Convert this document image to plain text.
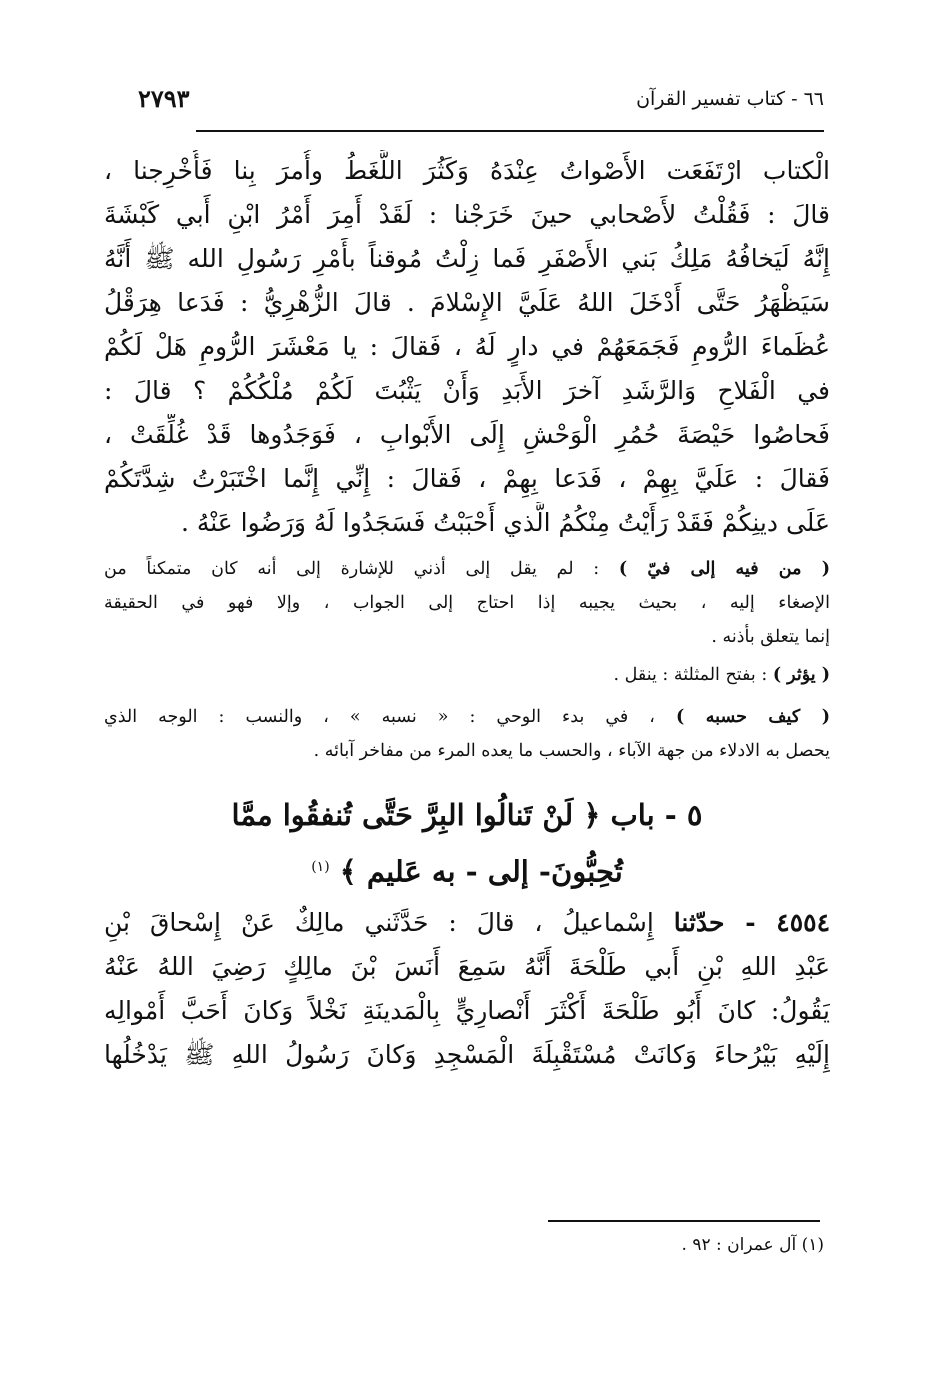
٦٦ - كتاب تفسير القرآن
٢٧٩٣
الْكتاب ارْتَفَعَت الأَصْواتُ عِنْدَهُ وَكَثُرَ اللَّغَطُ وأُمرَ بِنا فَأُخْرِجنا ،
قالَ : فَقُلْتُ لأَصْحابي حينَ خَرَجْنا : لَقَدْ أَمِرَ أَمْرُ ابْنِ أَبي كَبْشَةَ
إِنَّهُ لَيَخافُهُ مَلِكُ بَني الأَصْفَرِ فَما زِلْتُ مُوقناً بأَمْرِ رَسُولِ الله ﷺ أَنَّهُ
سَيَظْهَرُ حَتَّى أَدْخَلَ اللهُ عَلَيَّ الإِسْلامَ . قالَ الزُّهْرِيُّ : فَدَعا هِرَقْلُ
عُظَماءَ الرُّومِ فَجَمَعَهُمْ في دارٍ لَهُ ، فَقالَ : يا مَعْشَرَ الرُّومِ هَلْ لَكُمْ
في الْفَلاحِ وَالرَّشَدِ آخرَ الأَبَدِ وَأَنْ يَثْبُتَ لَكُمْ مُلْكُكُمْ ؟ قالَ :
فَحاصُوا حَيْصَةَ حُمُرِ الْوَحْشِ إِلَى الأَبْوابِ ، فَوَجَدُوها قَدْ غُلِّقَتْ ،
فَقالَ : عَلَيَّ بِهِمْ ، فَدَعا بِهِمْ ، فَقالَ : إِنِّي إِنَّما اخْتَبَرْتُ شِدَّتَكُمْ
عَلَى دينِكُمْ فَقَدْ رَأَيْتُ مِنْكُمُ الَّذي أَحْبَبْتُ فَسَجَدُوا لَهُ وَرَضُوا عَنْهُ .
( من فيه إلى فيّ ) : لم يقل إلى أذني للإشارة إلى أنه كان متمكناً من
الإصغاء إليه ، بحيث يجيبه إذا احتاج إلى الجواب ، وإلا فهو في الحقيقة
إنما يتعلق بأذنه .
( يؤثر ) : بفتح المثلثة : ينقل .
( كيف حسبه ) ، في بدء الوحي : « نسبه » ، والنسب : الوجه الذي
يحصل به الادلاء من جهة الآباء ، والحسب ما يعده المرء من مفاخر آبائه .
٥ - باب ﴿ لَنْ تَنالُوا البِرَّ حَتَّى تُنفقُوا ممَّا
تُحِبُّونَ- إلى - به عَليم ﴾ $^{(١)}$
٤٥٥٤ - حدّثنا إِسْماعيلُ ، قالَ : حَدَّثَني مالِكٌ عَنْ إِسْحاقَ بْنِ
عَبْدِ اللهِ بْنِ أَبي طَلْحَةَ أَنَّهُ سَمِعَ أَنَسَ بْنَ مالِكٍ رَضِيَ اللهُ عَنْهُ
يَقُولُ: كانَ أَبُو طَلْحَةَ أَكْثَرَ أَنْصارِيٍّ بِالْمَدينَةِ نَخْلاً وَكانَ أَحَبَّ أَمْوالِه
إِلَيْهِ بَيْرُحاءَ وَكانَتْ مُسْتَقْبِلَةَ الْمَسْجِدِ وَكانَ رَسُولُ اللهِ ﷺ يَدْخُلُها
(١) آل عمران : ٩٢ .
